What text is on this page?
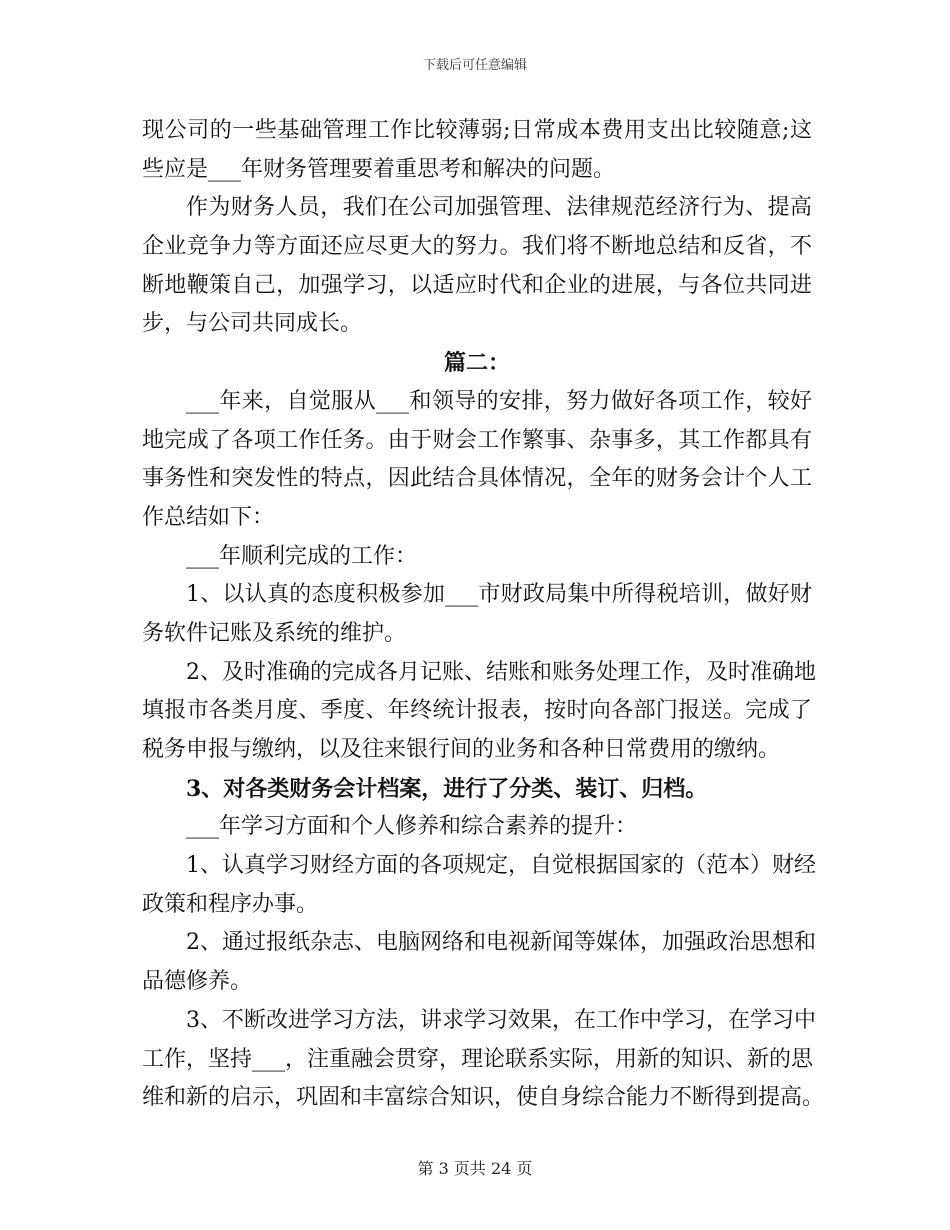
下载后可任意编辑
现公司的一些基础管理工作比较薄弱;日常成本费用支出比较随意;这
些应是___年财务管理要着重思考和解决的问题。
作为财务人员，我们在公司加强管理、法律规范经济行为、提高
企业竞争力等方面还应尽更大的努力。我们将不断地总结和反省，不
断地鞭策自己，加强学习，以适应时代和企业的进展，与各位共同进
步，与公司共同成长。
篇二：
___年来，自觉服从___和领导的安排，努力做好各项工作，较好
地完成了各项工作任务。由于财会工作繁事、杂事多，其工作都具有
事务性和突发性的特点，因此结合具体情况，全年的财务会计个人工
作总结如下：
___年顺利完成的工作：
1、以认真的态度积极参加___市财政局集中所得税培训，做好财
务软件记账及系统的维护。
2、及时准确的完成各月记账、结账和账务处理工作，及时准确地
填报市各类月度、季度、年终统计报表，按时向各部门报送。完成了
税务申报与缴纳，以及往来银行间的业务和各种日常费用的缴纳。
3、对各类财务会计档案，进行了分类、装订、归档。
___年学习方面和个人修养和综合素养的提升：
1、认真学习财经方面的各项规定，自觉根据国家的（范本）财经
政策和程序办事。
2、通过报纸杂志、电脑网络和电视新闻等媒体，加强政治思想和
品德修养。
3、不断改进学习方法，讲求学习效果，在工作中学习，在学习中
工作，坚持___，注重融会贯穿，理论联系实际，用新的知识、新的思
维和新的启示，巩固和丰富综合知识，使自身综合能力不断得到提高。
第 3 页共 24 页
